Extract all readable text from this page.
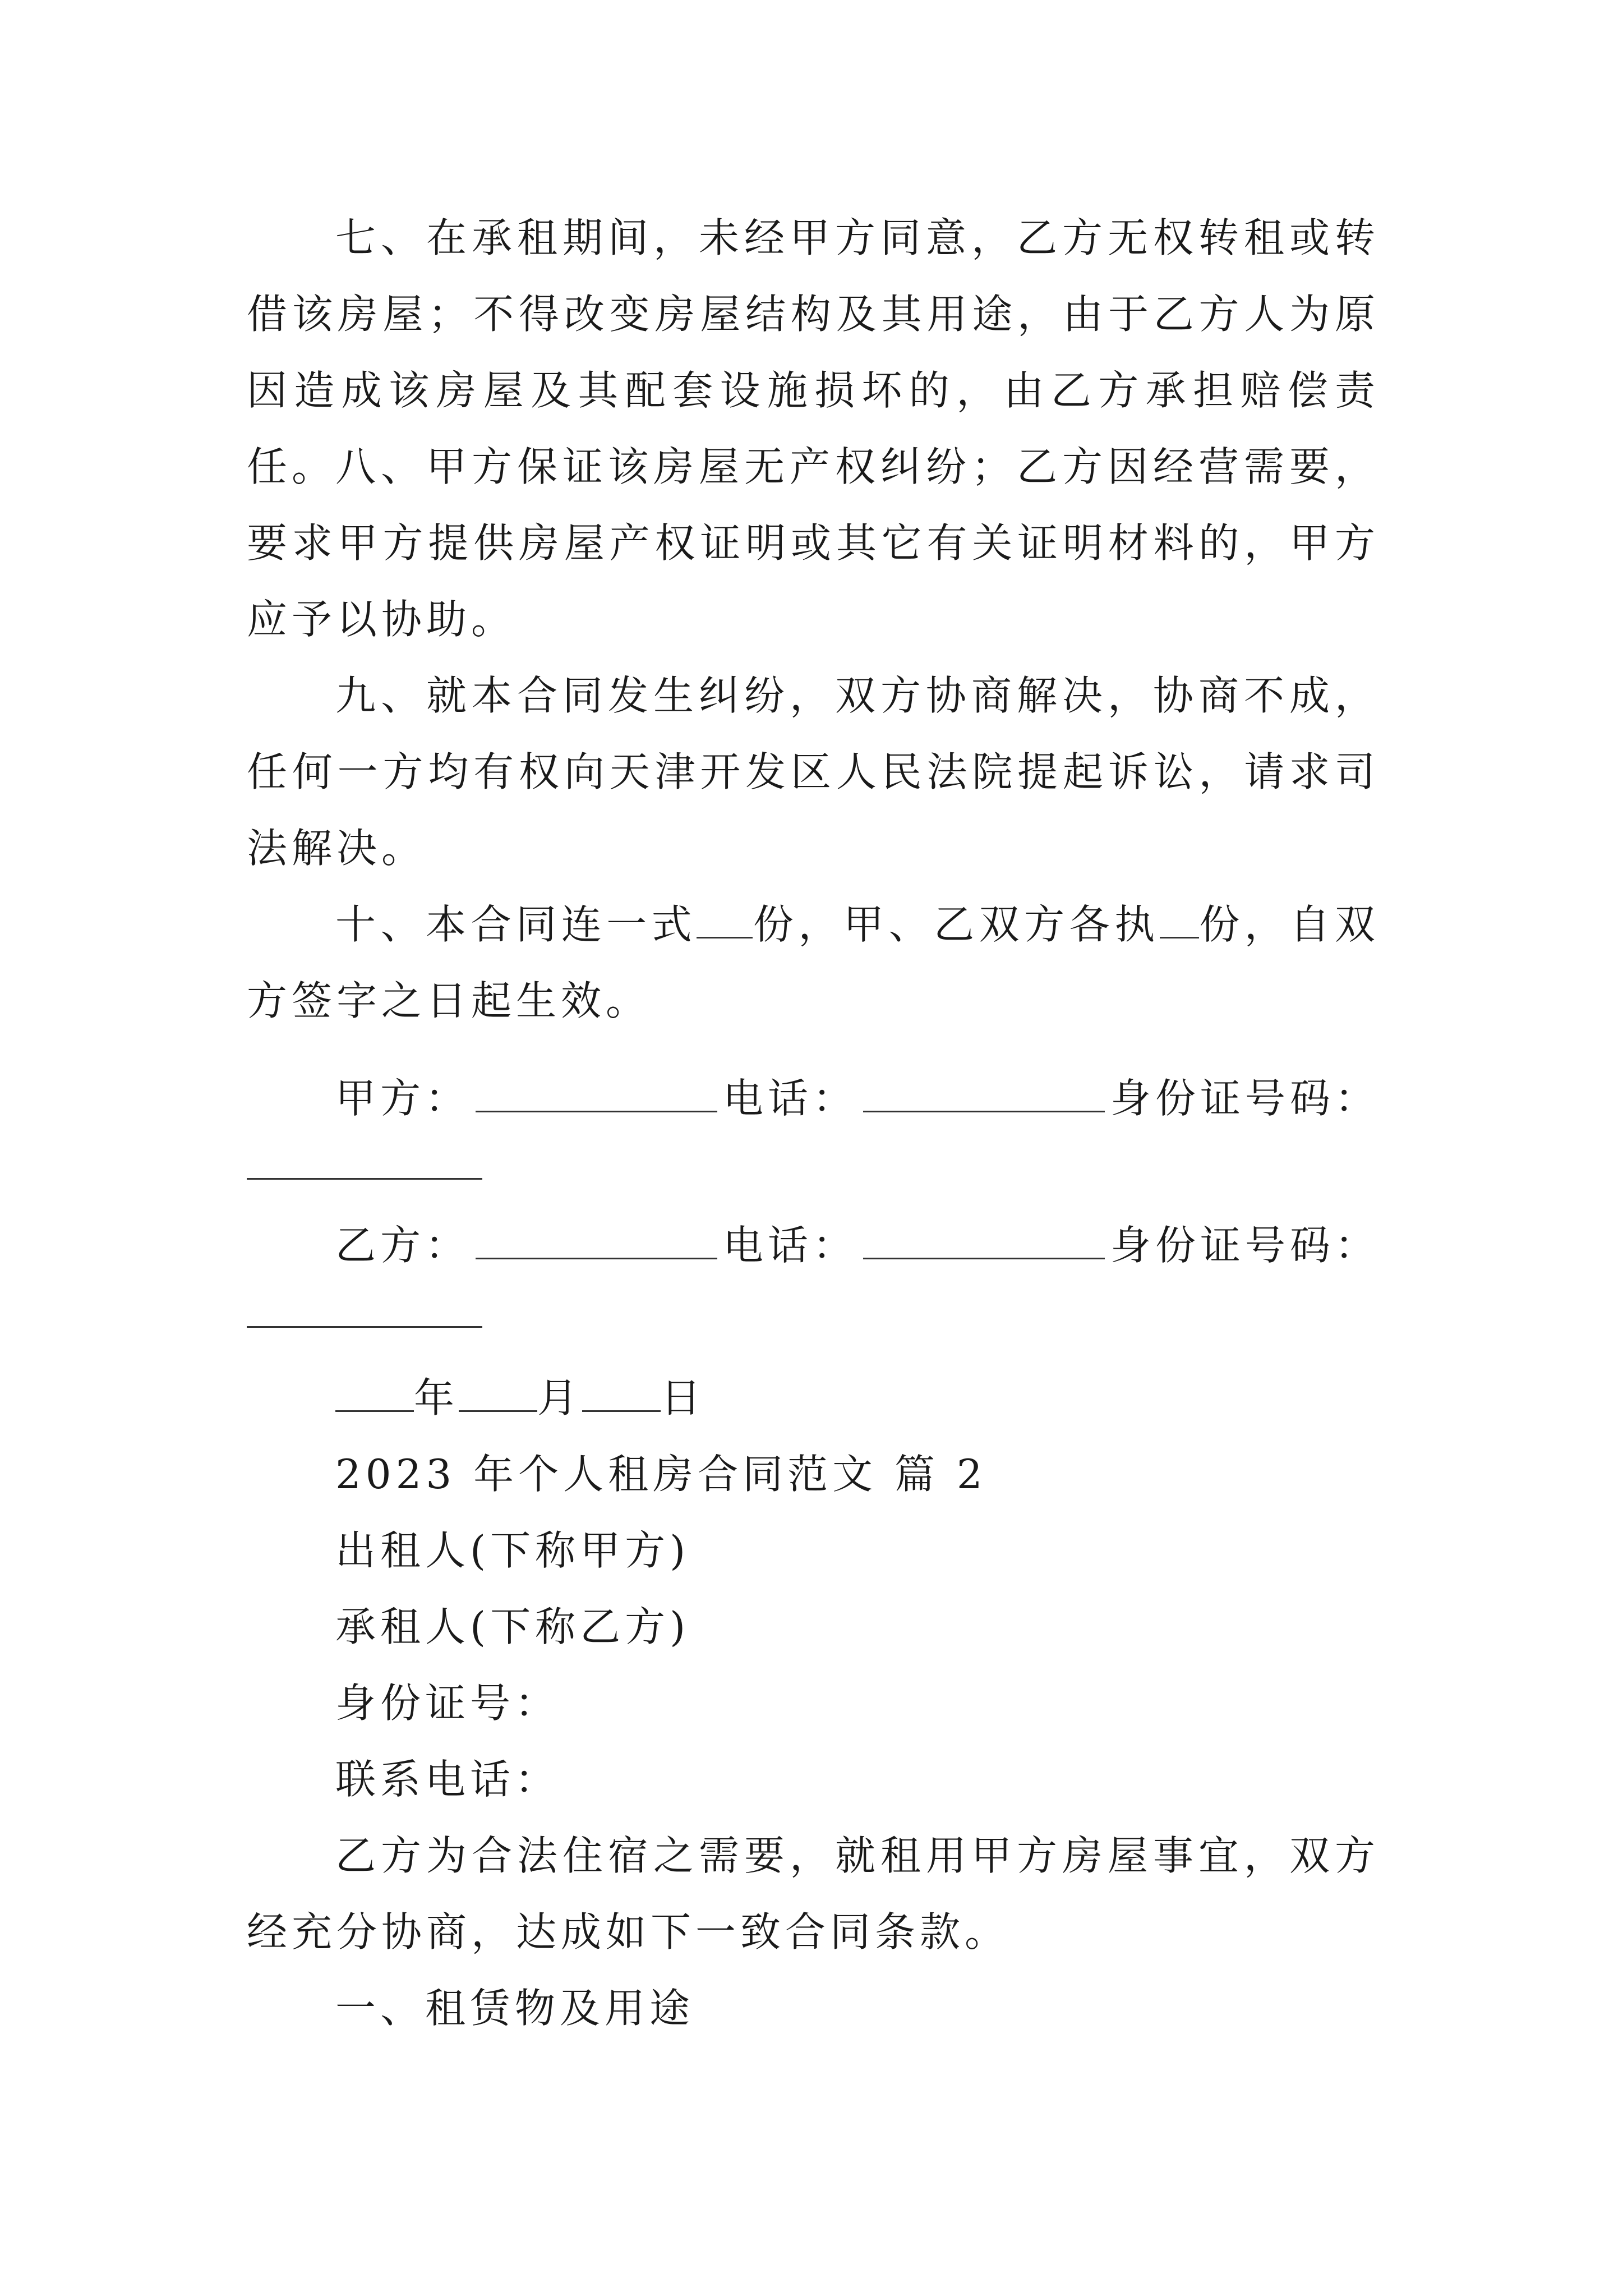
七、在承租期间，未经甲方同意，乙方无权转租或转借该房屋；不得改变房屋结构及其用途，由于乙方人为原因造成该房屋及其配套设施损坏的，由乙方承担赔偿责任。

八、甲方保证该房屋无产权纠纷；乙方因经营需要，要求甲方提供房屋产权证明或其它有关证明材料的，甲方应予以协助。

九、就本合同发生纠纷，双方协商解决，协商不成，任何一方均有权向天津开发区人民法院提起诉讼，请求司法解决。

十、本合同连一式 份，甲、乙双方各执 份，自双方签字之日起生效。

甲方：	电话：	身份证号码：
乙方：	电话：	身份证号码：
年 月 日
2023 年个人租房合同范文 篇 2
出租人(下称甲方)
承租人(下称乙方)
身份证号：
联系电话：

乙方为合法住宿之需要，就租用甲方房屋事宜，双方经充分协商，达成如下一致合同条款。

一、租赁物及用途
